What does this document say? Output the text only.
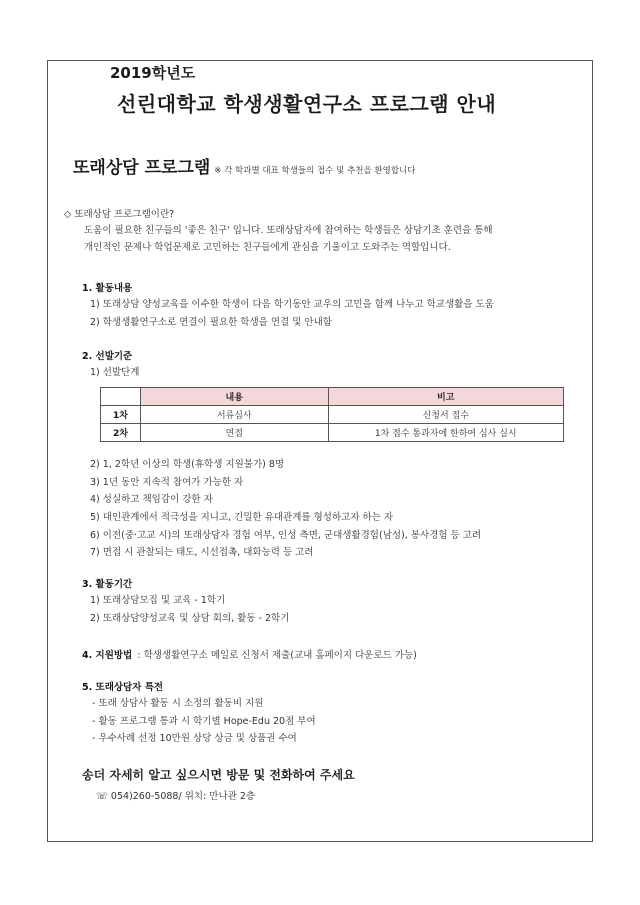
2019학년도
선린대학교 학생생활연구소 프로그램 안내
또래상담 프로그램 ※ 각 학과별 대표 학생들의 접수 및 추천을 환영합니다
◇ 또래상담 프로그램이란?
도움이 필요한 친구들의 '좋은 친구' 입니다. 또래상담자에 참여하는 학생들은 상담기초 훈련을 통해
개인적인 문제나 학업문제로 고민하는 친구들에게 관심을 기울이고 도와주는 역할입니다.
1. 활동내용
1) 또래상담 양성교육을 이수한 학생이 다음 학기동안 교우의 고민을 함께 나누고 학교생활을 도움
2) 학생생활연구소로 연결이 필요한 학생을 연결 및 안내함
2. 선발기준
1) 선발단계
	내용	비고
1차	서류심사	신청서 접수
2차	면접	1차 접수 통과자에 한하여 심사 실시
2) 1, 2학년 이상의 학생(휴학생 지원불가) 8명
3) 1년 동안 지속적 참여가 가능한 자
4) 성실하고 책임감이 강한 자
5) 대인관계에서 적극성을 지니고, 긴밀한 유대관계를 형성하고자 하는 자
6) 이전(중·고교 시)의 또래상담자 경험 여부, 인성 측면, 군대생활경험(남성), 봉사경험 등 고려
7) 면접 시 관찰되는 태도, 시선접촉, 대화능력 등 고려
3. 활동기간
1) 또래상담모집 및 교육 - 1학기
2) 또래상담양성교육 및 상담 회의, 활동 - 2학기
4. 지원방법 : 학생생활연구소 메일로 신청서 제출(교내 홈페이지 다운로드 가능)
5. 또래상담자 특전
- 또래 상담사 활동 시 소정의 활동비 지원
- 활동 프로그램 통과 시 학기별 Hope-Edu 20점 부여
- 우수사례 선정 10만원 상당 상금 및 상품권 수여
송더 자세히 알고 싶으시면 방문 및 전화하여 주세요
☏ 054)260-5088/ 위치: 만나관 2층
